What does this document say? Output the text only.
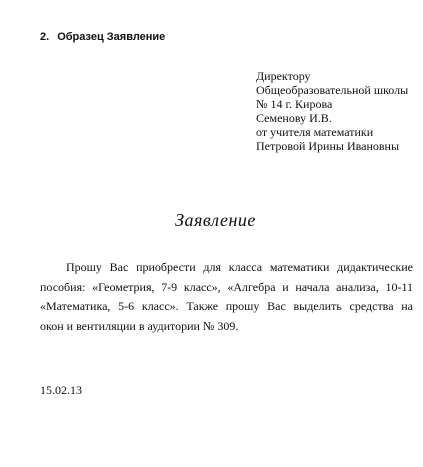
2. Образец Заявление
Директору
Общеобразовательной школы
№ 14 г. Кирова
Семенову И.В.
от учителя математики
Петровой Ирины Ивановны
Заявление
Прошу Вас приобрести для класса математики дидактические
пособия: «Геометрия, 7-9 класс», «Алгебра и начала анализа, 10-11
«Математика, 5-6 класс». Также прошу Вас выделить средства на
окон и вентиляции в аудитории № 309.
15.02.13
